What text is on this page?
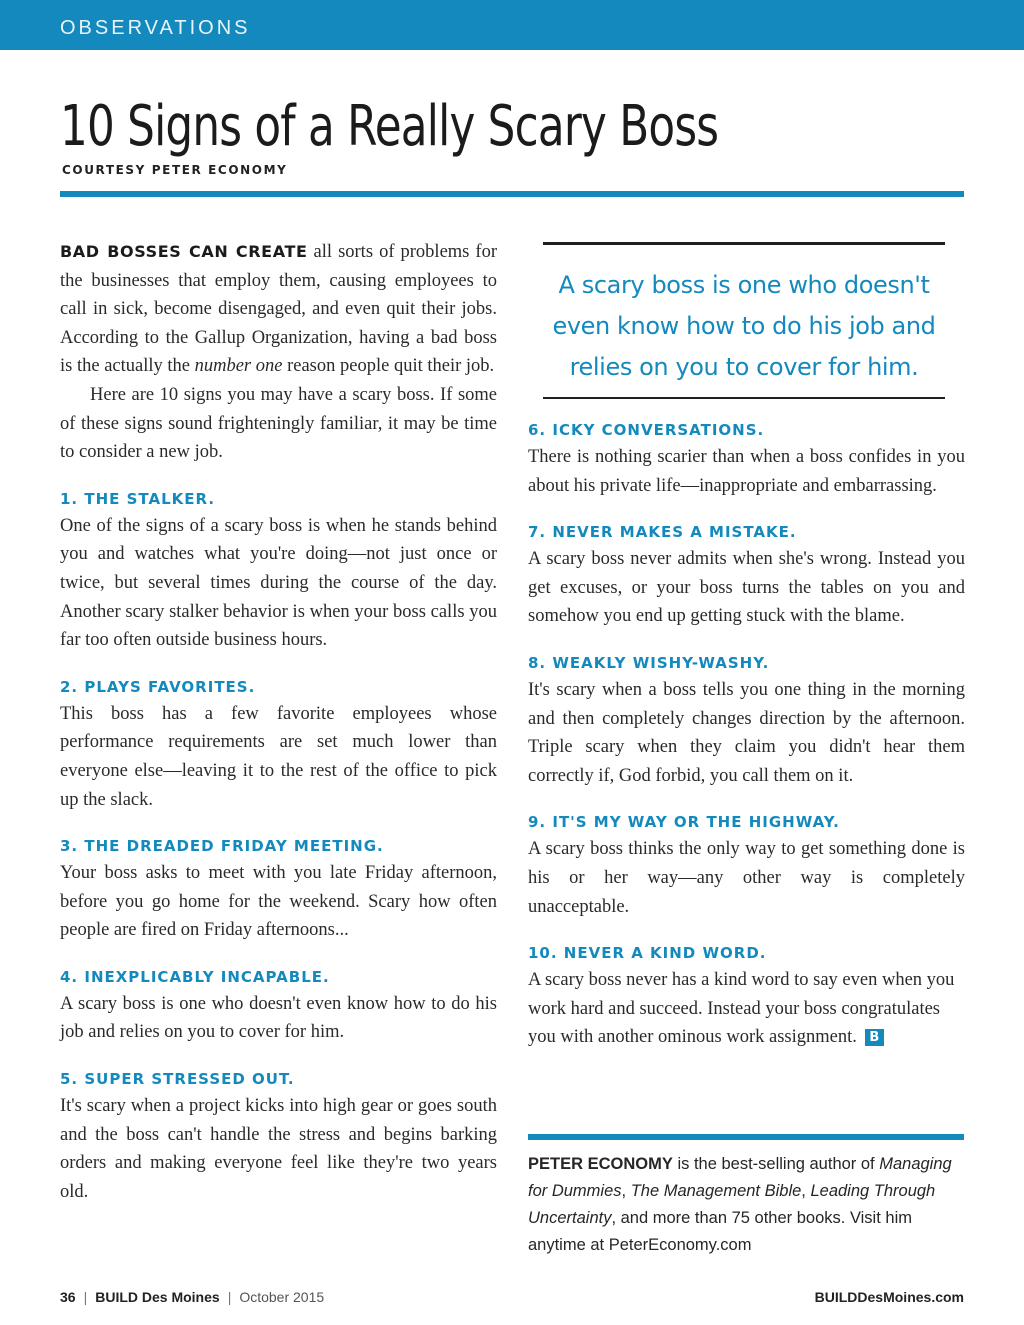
OBSERVATIONS
10 Signs of a Really Scary Boss
COURTESY PETER ECONOMY

BAD BOSSES CAN CREATE all sorts of problems for the businesses that employ them, causing employees to call in sick, become disengaged, and even quit their jobs. According to the Gallup Organization, having a bad boss is the actually the number one reason people quit their job.

Here are 10 signs you may have a scary boss. If some of these signs sound frighteningly familiar, it may be time to consider a new job.

1. THE STALKER.

One of the signs of a scary boss is when he stands behind you and watches what you're doing—not just once or twice, but several times during the course of the day. Another scary stalker behavior is when your boss calls you far too often outside business hours.

2. PLAYS FAVORITES.

This boss has a few favorite employees whose performance requirements are set much lower than everyone else—leaving it to the rest of the office to pick up the slack.

3. THE DREADED FRIDAY MEETING.

Your boss asks to meet with you late Friday afternoon, before you go home for the weekend. Scary how often people are fired on Friday afternoons...

4. INEXPLICABLY INCAPABLE.

A scary boss is one who doesn't even know how to do his job and relies on you to cover for him.

5. SUPER STRESSED OUT.

It's scary when a project kicks into high gear or goes south and the boss can't handle the stress and begins barking orders and making everyone feel like they're two years old.

A scary boss is one who doesn't even know how to do his job and relies on you to cover for him.
6. ICKY CONVERSATIONS.

There is nothing scarier than when a boss confides in you about his private life—inappropriate and embarrassing.

7. NEVER MAKES A MISTAKE.

A scary boss never admits when she's wrong. Instead you get excuses, or your boss turns the tables on you and somehow you end up getting stuck with the blame.

8. WEAKLY WISHY-WASHY.

It's scary when a boss tells you one thing in the morning and then completely changes direction by the afternoon. Triple scary when they claim you didn't hear them correctly if, God forbid, you call them on it.

9. IT'S MY WAY OR THE HIGHWAY.

A scary boss thinks the only way to get something done is his or her way—any other way is completely unacceptable.

10. NEVER A KIND WORD.

A scary boss never has a kind word to say even when you work hard and succeed. Instead your boss congratulates you with another ominous work assignment. B

PETER ECONOMY is the best-selling author of Managing for Dummies, The Management Bible, Leading Through Uncertainty, and more than 75 other books. Visit him anytime at PeterEconomy.com

36 | BUILD Des Moines | October 2015	BUILDDesMoines.com
